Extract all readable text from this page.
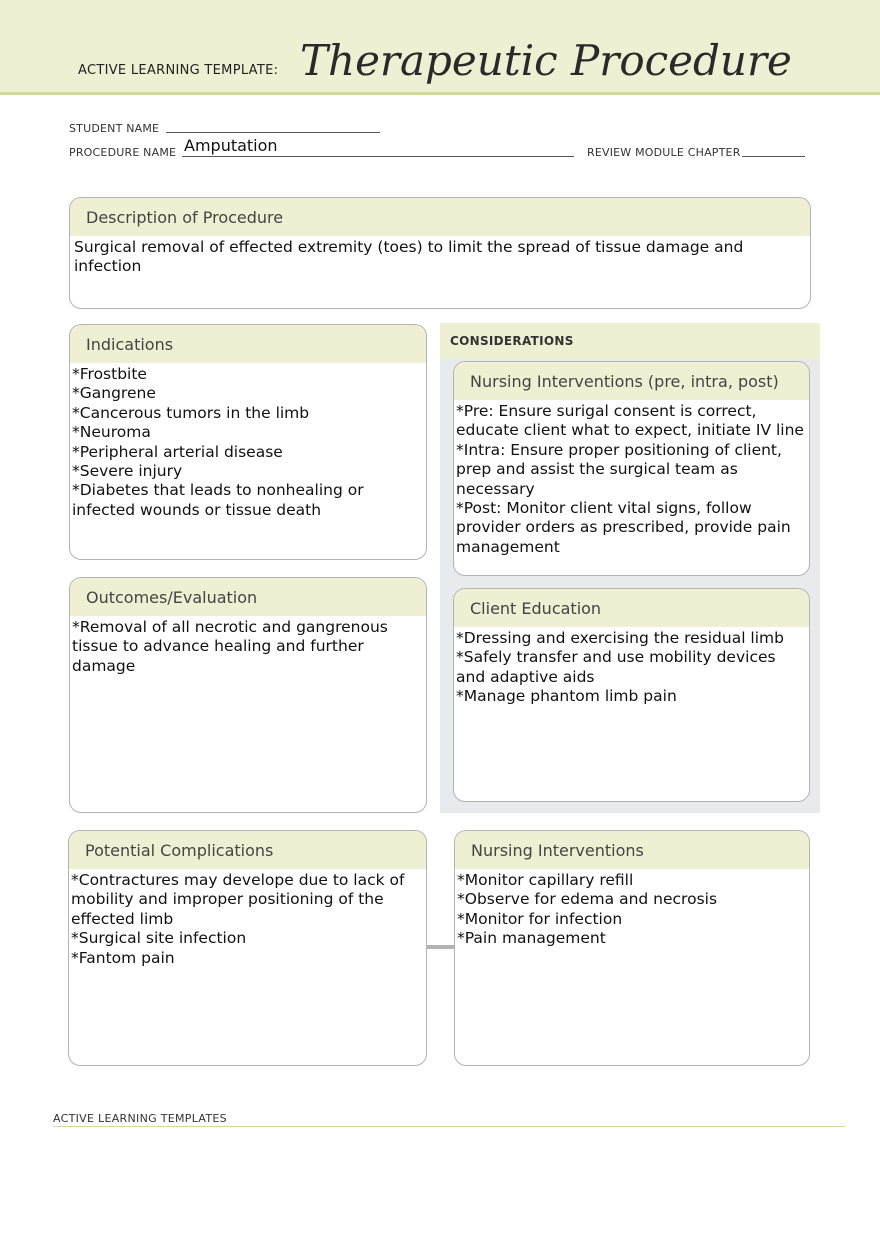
ACTIVE LEARNING TEMPLATE: Therapeutic Procedure
STUDENT NAME
PROCEDURE NAME Amputation	REVIEW MODULE CHAPTER
Description of Procedure
Surgical removal of effected extremity (toes) to limit the spread of tissue damage and infection
CONSIDERATIONS
Indications
*Frostbite
*Gangrene
*Cancerous tumors in the limb
*Neuroma
*Peripheral arterial disease
*Severe injury
*Diabetes that leads to nonhealing or infected wounds or tissue death
Nursing Interventions (pre, intra, post)
*Pre: Ensure surigal consent is correct, educate client what to expect, initiate IV line
*Intra: Ensure proper positioning of client, prep and assist the surgical team as necessary
*Post: Monitor client vital signs, follow provider orders as prescribed, provide pain management
Outcomes/Evaluation
*Removal of all necrotic and gangrenous tissue to advance healing and further damage
Client Education
*Dressing and exercising the residual limb
*Safely transfer and use mobility devices and adaptive aids
*Manage phantom limb pain
Potential Complications
*Contractures may develope due to lack of mobility and improper positioning of the effected limb
*Surgical site infection
*Fantom pain
Nursing Interventions
*Monitor capillary refill
*Observe for edema and necrosis
*Monitor for infection
*Pain management
ACTIVE LEARNING TEMPLATES
